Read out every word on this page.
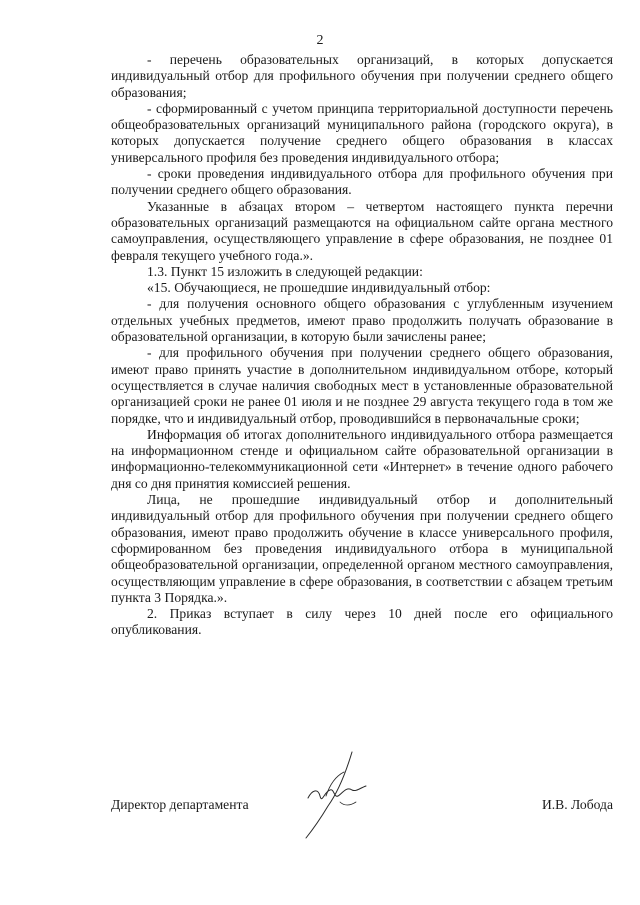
2

- перечень образовательных организаций, в которых допускается индивидуальный отбор для профильного обучения при получении среднего общего образования;

- сформированный с учетом принципа территориальной доступности перечень общеобразовательных организаций муниципального района (городского округа), в которых допускается получение среднего общего образования в классах универсального профиля без проведения индивидуального отбора;

- сроки проведения индивидуального отбора для профильного обучения при получении среднего общего образования.

Указанные в абзацах втором – четвертом настоящего пункта перечни образовательных организаций размещаются на официальном сайте органа местного самоуправления, осуществляющего управление в сфере образования, не позднее 01 февраля текущего учебного года.».

1.3. Пункт 15 изложить в следующей редакции:

«15. Обучающиеся, не прошедшие индивидуальный отбор:

- для получения основного общего образования с углубленным изучением отдельных учебных предметов, имеют право продолжить получать образование в образовательной организации, в которую были зачислены ранее;

- для профильного обучения при получении среднего общего образования, имеют право принять участие в дополнительном индивидуальном отборе, который осуществляется в случае наличия свободных мест в установленные образовательной организацией сроки не ранее 01 июля и не позднее 29 августа текущего года в том же порядке, что и индивидуальный отбор, проводившийся в первоначальные сроки;

Информация об итогах дополнительного индивидуального отбора размещается на информационном стенде и официальном сайте образовательной организации в информационно-телекоммуникационной сети «Интернет» в течение одного рабочего дня со дня принятия комиссией решения.

Лица, не прошедшие индивидуальный отбор и дополнительный индивидуальный отбор для профильного обучения при получении среднего общего образования, имеют право продолжить обучение в классе универсального профиля, сформированном без проведения индивидуального отбора в муниципальной общеобразовательной организации, определенной органом местного самоуправления, осуществляющим управление в сфере образования, в соответствии с абзацем третьим пункта 3 Порядка.».

2. Приказ вступает в силу через 10 дней после его официального опубликования.

Директор департамента	И.В. Лобода
